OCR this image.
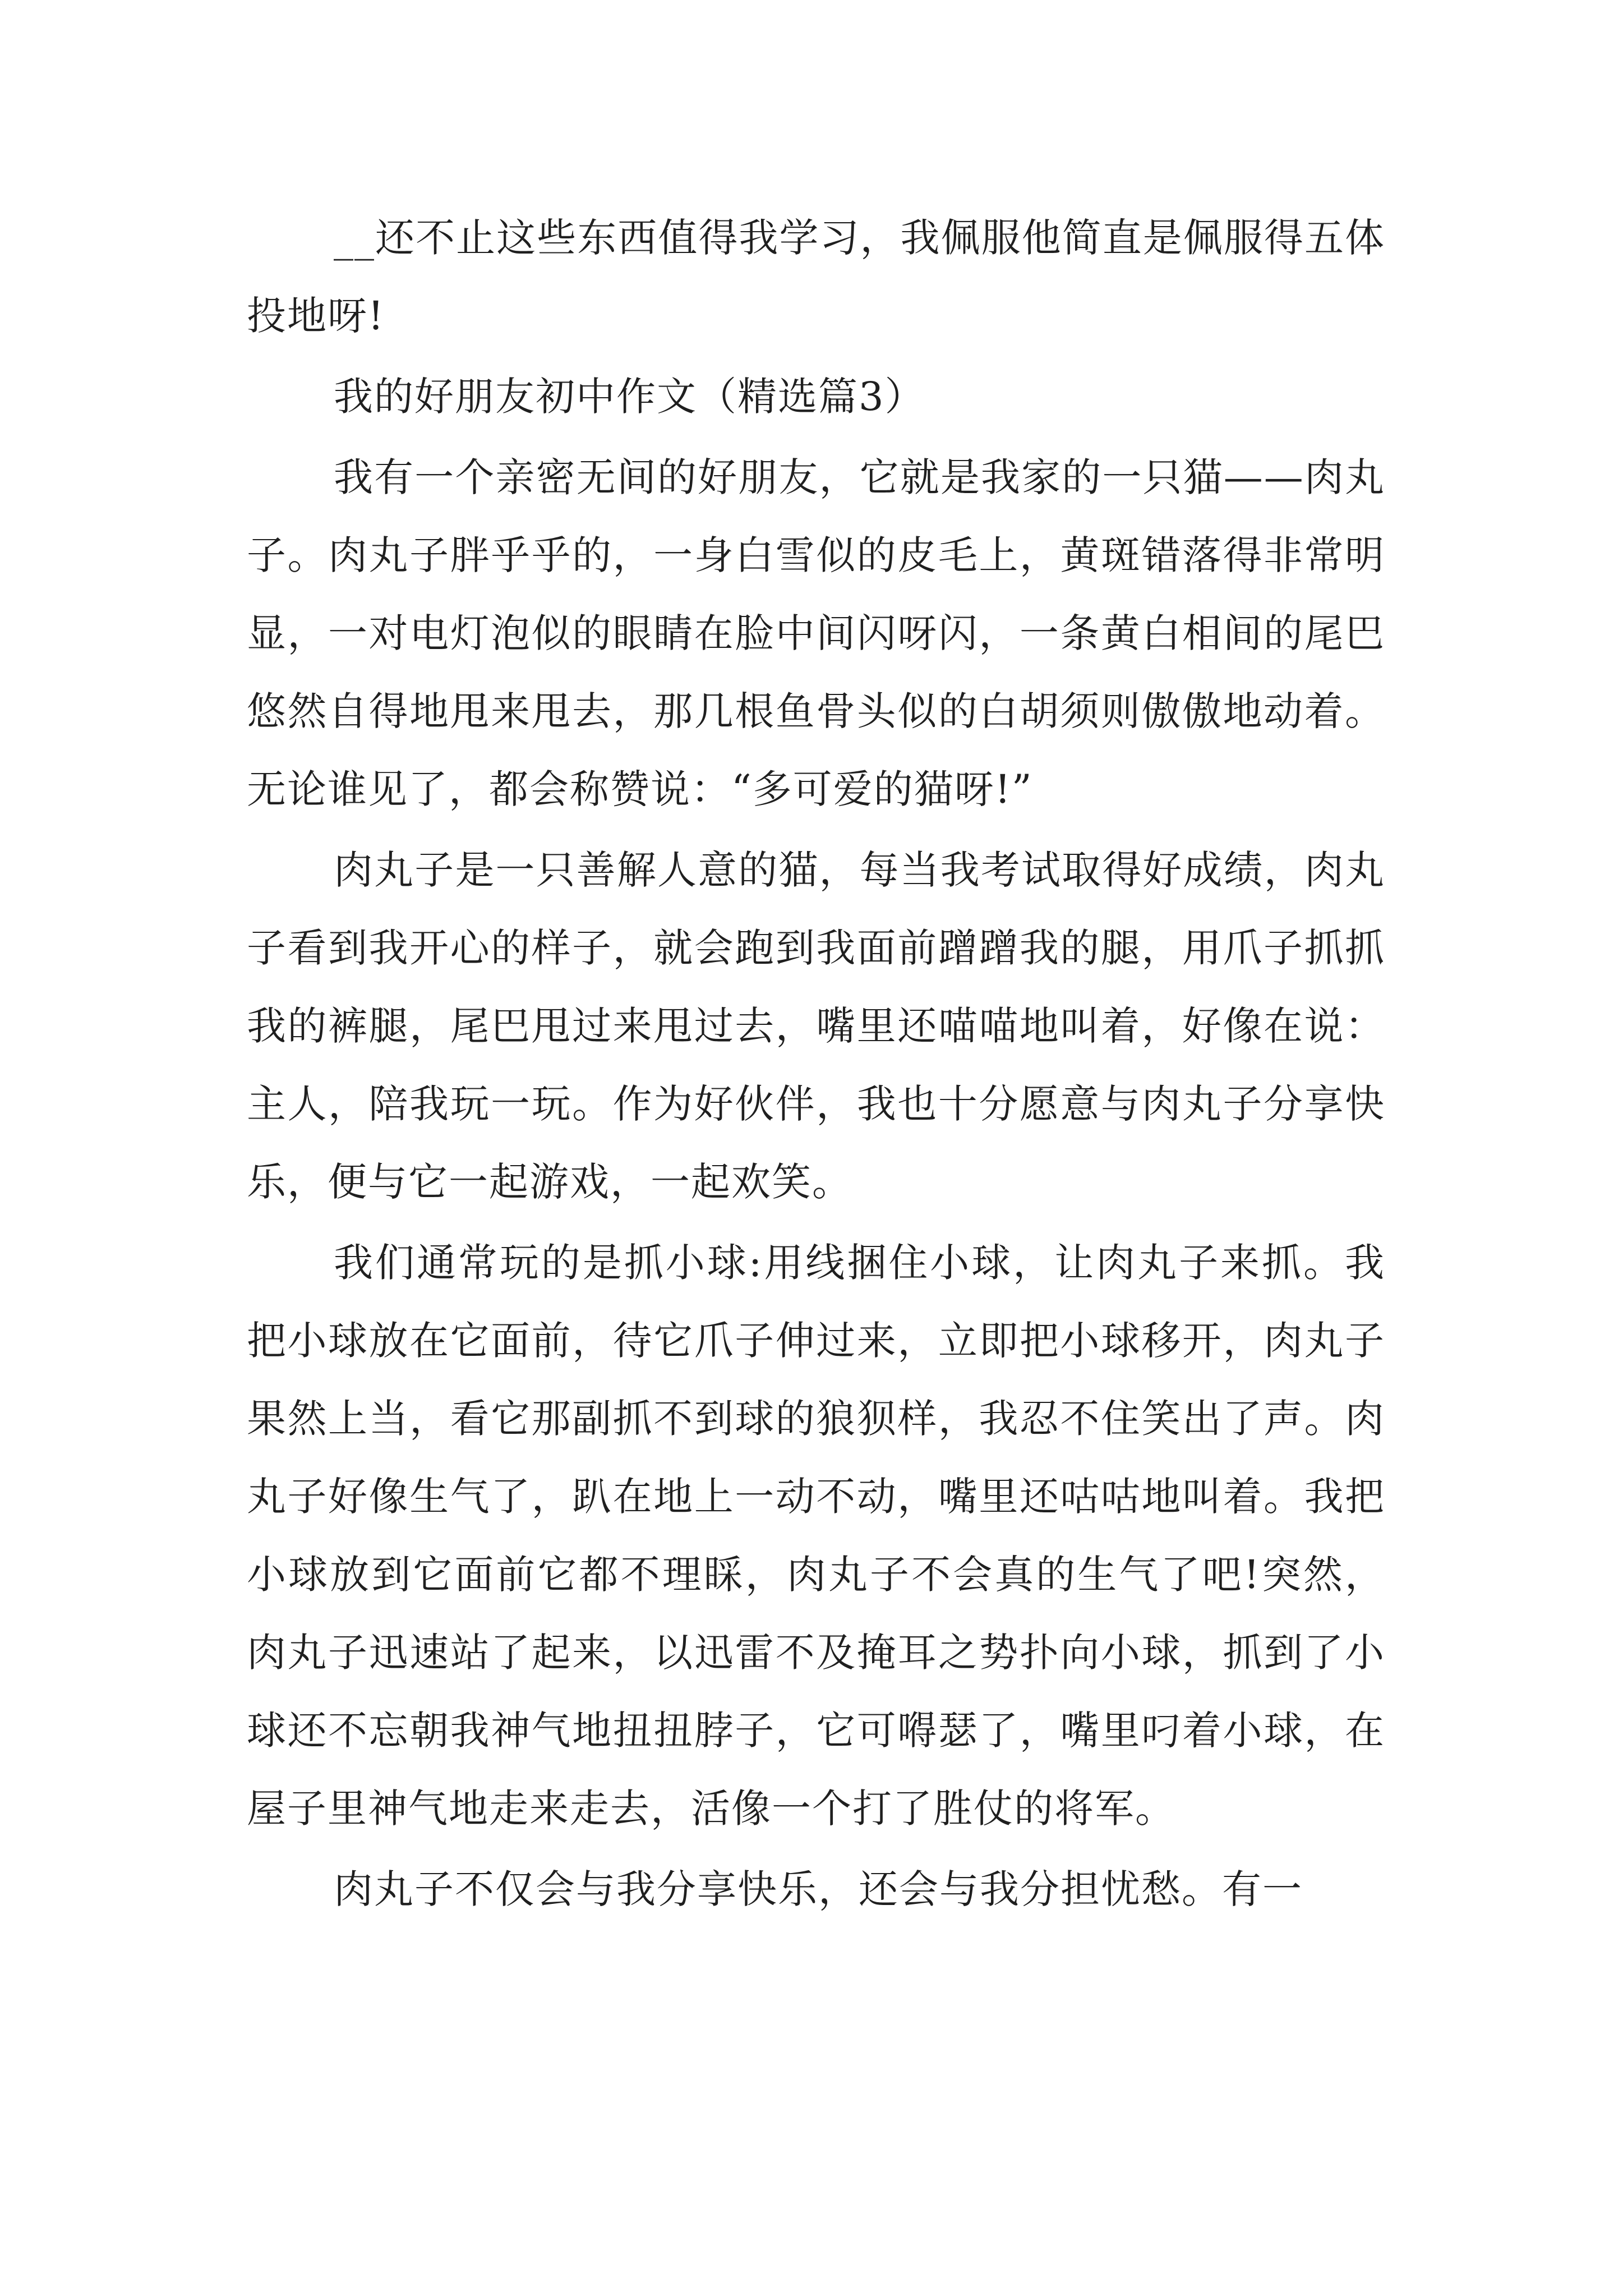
__还不止这些东西值得我学习，我佩服他简直是佩服得五体投地呀!

我的好朋友初中作文（精选篇3）

我有一个亲密无间的好朋友，它就是我家的一只猫——肉丸子。肉丸子胖乎乎的，一身白雪似的皮毛上，黄斑错落得非常明显，一对电灯泡似的眼睛在脸中间闪呀闪，一条黄白相间的尾巴悠然自得地甩来甩去，那几根鱼骨头似的白胡须则傲傲地动着。无论谁见了，都会称赞说：“多可爱的猫呀!”

肉丸子是一只善解人意的猫，每当我考试取得好成绩，肉丸子看到我开心的样子，就会跑到我面前蹭蹭我的腿，用爪子抓抓我的裤腿，尾巴甩过来甩过去，嘴里还喵喵地叫着，好像在说：主人，陪我玩一玩。作为好伙伴，我也十分愿意与肉丸子分享快乐，便与它一起游戏，一起欢笑。

我们通常玩的是抓小球:用线捆住小球，让肉丸子来抓。我把小球放在它面前，待它爪子伸过来，立即把小球移开，肉丸子果然上当，看它那副抓不到球的狼狈样，我忍不住笑出了声。肉丸子好像生气了，趴在地上一动不动，嘴里还咕咕地叫着。我把小球放到它面前它都不理睬，肉丸子不会真的生气了吧!突然，肉丸子迅速站了起来，以迅雷不及掩耳之势扑向小球，抓到了小球还不忘朝我神气地扭扭脖子，它可嘚瑟了，嘴里叼着小球，在屋子里神气地走来走去，活像一个打了胜仗的将军。

肉丸子不仅会与我分享快乐，还会与我分担忧愁。有一
